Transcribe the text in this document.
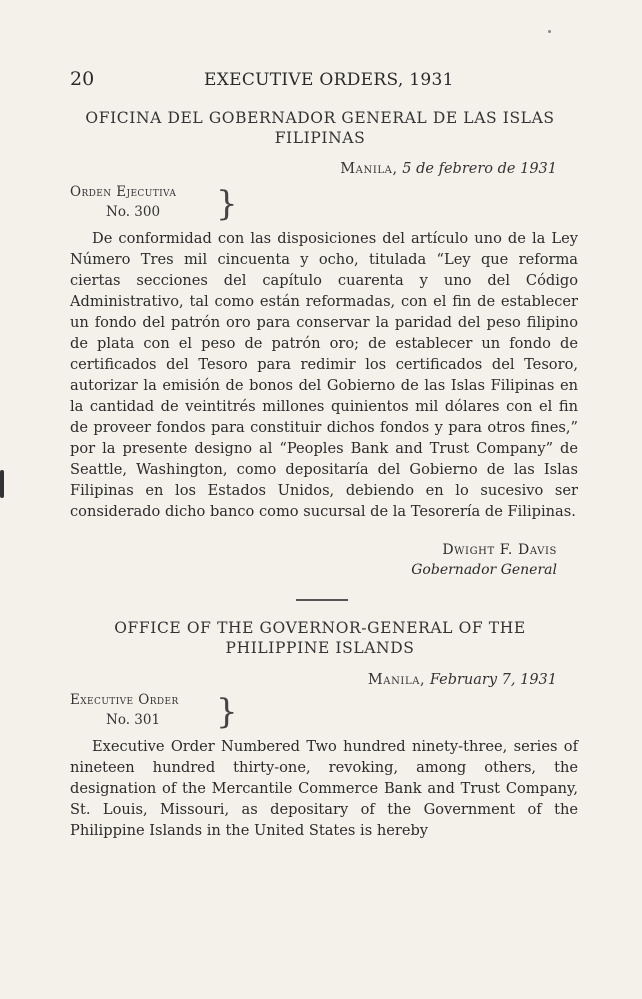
20	EXECUTIVE ORDERS, 1931
OFICINA DEL GOBERNADOR GENERAL DE LAS ISLAS FILIPINAS
Manila, 5 de febrero de 1931
Orden Ejecutiva
No. 300 }

De conformidad con las disposiciones del artículo uno de la Ley Número Tres mil cincuenta y ocho, titulada “Ley que reforma ciertas secciones del capítulo cuarenta y uno del Código Administrativo, tal como están reformadas, con el fin de establecer un fondo del patrón oro para conservar la paridad del peso filipino de plata con el peso de patrón oro; de establecer un fondo de certificados del Tesoro para redimir los certificados del Tesoro, autorizar la emisión de bonos del Gobierno de las Islas Filipinas en la cantidad de veintitrés millones quinientos mil dólares con el fin de proveer fondos para constituir dichos fondos y para otros fines,” por la presente designo al “Peoples Bank and Trust Company” de Seattle, Washington, como depositaría del Gobierno de las Islas Filipinas en los Estados Unidos, debiendo en lo sucesivo ser considerado dicho banco como sucursal de la Tesorería de Filipinas.

Dwight F. Davis
Gobernador General
OFFICE OF THE GOVERNOR-GENERAL OF THE PHILIPPINE ISLANDS
Manila, February 7, 1931
Executive Order
No. 301 }

Executive Order Numbered Two hundred ninety-three, series of nineteen hundred thirty-one, revoking, among others, the designation of the Mercantile Commerce Bank and Trust Company, St. Louis, Missouri, as depositary of the Government of the Philippine Islands in the United States is hereby
